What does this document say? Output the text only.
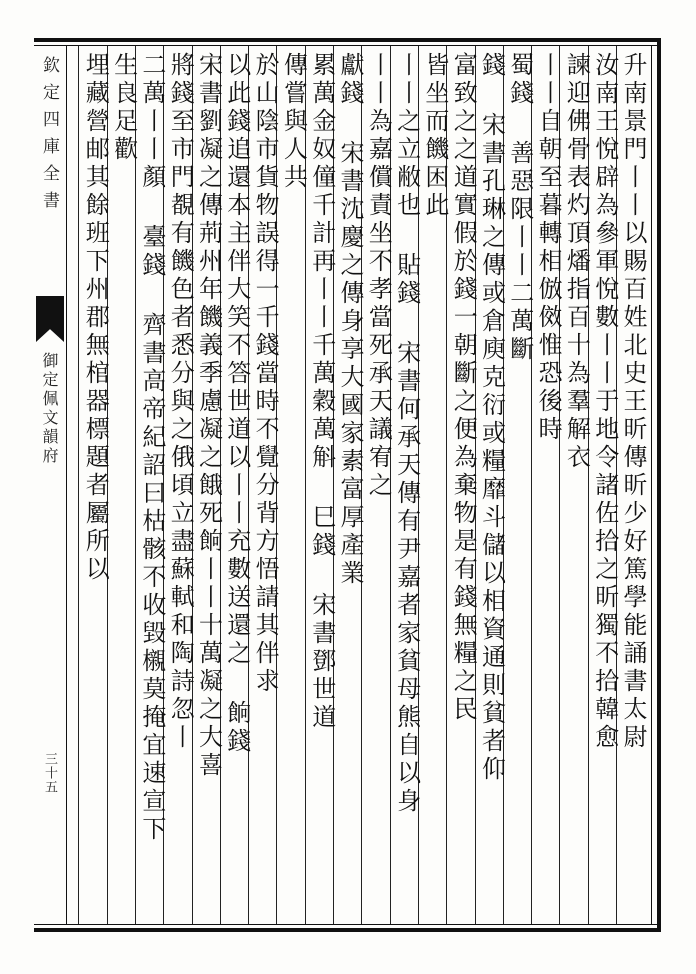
欽定四庫全書
御定佩文韻府
三十五
升南景門丨丨以賜百姓北史王昕傳昕少好篤學能誦書太尉
汝南王悅辟為參軍悅數丨丨于地令諸佐拾之昕獨不拾韓愈
諫迎佛骨表灼頂燔指百十為羣解衣
丨丨自朝至暮轉相倣傚惟恐後時
蜀錢 善惡限丨丨二萬斷
錢 宋書孔琳之傳或倉庾克衍或糧靡斗儲以相資通則貧者仰
富致之之道實假於錢一朝斷之便為棄物是有錢無糧之民
皆坐而饑困此
丨丨之立敝也 貼錢 宋書何承天傳有尹嘉者家貧母熊自以身
丨丨為嘉償責坐不孝當死承天議宥之
獻錢 宋書沈慶之傳身享大國家素富厚產業
累萬金奴僮千計再丨丨千萬穀萬斛 巳錢 宋書鄧世道
傳嘗與人共
於山陰市貨物誤得一千錢當時不覺分背方悟請其伴求
以此錢追還本主伴大笑不答世道以丨丨充數送還之 餉錢
宋書劉凝之傳荊州年饑義季慮凝之餓死餉丨丨十萬凝之大喜
將錢至市門覩有饑色者悉分與之俄頃立盡蘇軾和陶詩忽丨
二萬丨丨顏 臺錢 齊書高帝紀詔曰枯骸不收毀櫬莫掩宜速宣下
生良足歡
埋藏營邮其餘班下州郡無棺器標題者屬所以
